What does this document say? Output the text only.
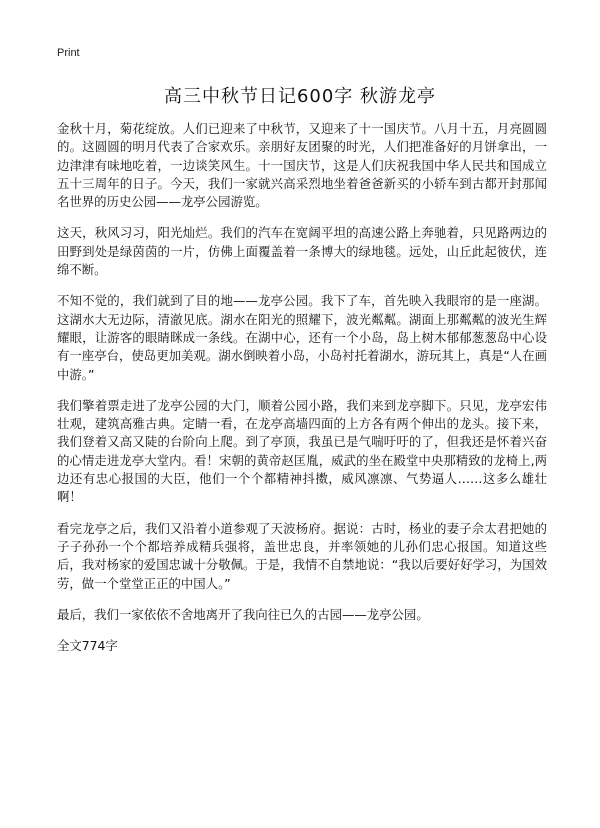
Print
高三中秋节日记600字 秋游龙亭

金秋十月，菊花绽放。人们已迎来了中秋节，又迎来了十一国庆节。八月十五，月亮圆圆的。这圆圆的明月代表了合家欢乐。亲朋好友团聚的时光，人们把准备好的月饼拿出，一边津津有味地吃着，一边谈笑风生。十一国庆节，这是人们庆祝我国中华人民共和国成立五十三周年的日子。今天，我们一家就兴高采烈地坐着爸爸新买的小轿车到古都开封那闻名世界的历史公园——龙亭公园游览。

这天，秋风习习，阳光灿烂。我们的汽车在宽阔平坦的高速公路上奔驰着，只见路两边的田野到处是绿茵茵的一片，仿佛上面覆盖着一条博大的绿地毯。远处，山丘此起彼伏，连绵不断。

不知不觉的，我们就到了目的地——龙亭公园。我下了车，首先映入我眼帘的是一座湖。这湖水大无边际，清澈见底。湖水在阳光的照耀下，波光粼粼。湖面上那粼粼的波光生辉耀眼，让游客的眼睛眯成一条线。在湖中心，还有一个小岛，岛上树木郁郁葱葱岛中心设有一座亭台，使岛更加美观。湖水倒映着小岛，小岛衬托着湖水，游玩其上，真是“人在画中游。”

我们擎着票走进了龙亭公园的大门，顺着公园小路，我们来到龙亭脚下。只见，龙亭宏伟壮观，建筑高雅古典。定睛一看，在龙亭高墙四面的上方各有两个伸出的龙头。接下来，我们登着又高又陡的台阶向上爬。到了亭顶，我虽已是气喘吁吁的了，但我还是怀着兴奋的心情走进龙亭大堂内。看！宋朝的黄帝赵匡胤，威武的坐在殿堂中央那精致的龙椅上,两边还有忠心报国的大臣，他们一个个都精神抖擞，威风凛凛、气势逼人……这多么雄壮啊！

看完龙亭之后，我们又沿着小道参观了天波杨府。据说：古时，杨业的妻子佘太君把她的子子孙孙一个个都培养成精兵强将，盖世忠良，并率领她的儿孙们忠心报国。知道这些后，我对杨家的爱国忠诚十分敬佩。于是，我情不自禁地说：“我以后要好好学习，为国效劳，做一个堂堂正正的中国人。”

最后，我们一家依依不舍地离开了我向往已久的古园——龙亭公园。

全文774字
